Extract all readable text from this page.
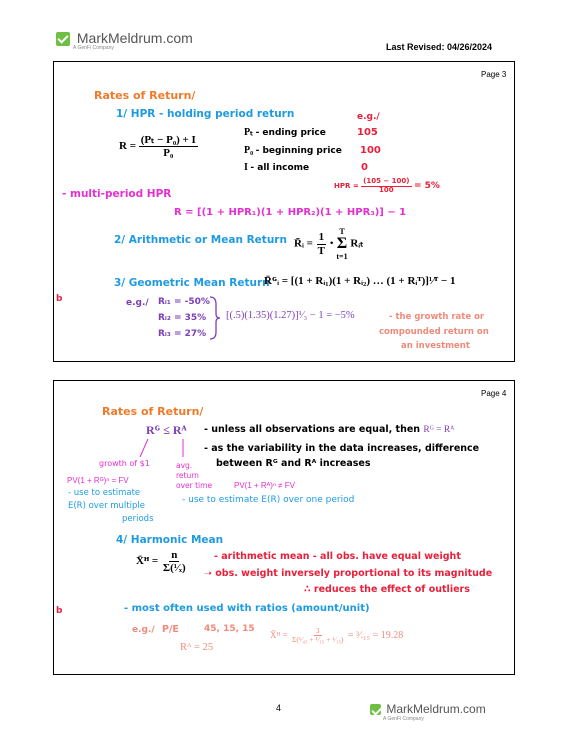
MarkMeldrum.com
A GenFi Company	Last Revised: 04/26/2024
Page 3
Rates of Return/
1/ HPR - holding period return
$R = \frac{\text{(Pₜ − P₀) + I}}{\text{P₀}}$
Pₜ - ending price
P₀ - beginning price
I - all income
e.g./
105
100
0
HPR = $\frac{(105 - 100)}{100} = 5\%$
- multi-period HPR
R = [(1 + HPR₁)(1 + HPR₂)(1 + HPR₃)] − 1
2/ Arithmetic or Mean Return R̄ᵢ = $\frac{1}{T}$ •
T
Σ
t=1
Rᵢₜ
3/ Geometric Mean Return
R̄ᴳᵢ = [(1 + Rᵢ₁)(1 + Rᵢ₂) … (1 + Rᵢᵀ)]¹⁄ᵀ − 1
b	e.g./ Rᵢ₁ = -50%
Rᵢ₂ = 35%
Rᵢ₃ = 27%
[(.5)(1.35)(1.27)]¹⁄₃ − 1 = −5%	- the growth rate or
compounded return on
an investment
Page 4
Rates of Return/
Rᴳ ≤ Rᴬ - unless all observations are equal, then Rᴳ = Rᴬ
- as the variability in the data increases, difference
between Rᴳ and Rᴬ increases
growth of $1	avg.
return
over time
PV(1 + Rᴳ)ⁿ = FV
PV(1 + Rᴬ)ⁿ ≠ FV
- use to estimate
E(R) over multiple
periods
- use to estimate E(R) over one period
4/ Harmonic Mean
X̄ᴴ = $\frac{n}{\text{Σ(¹⁄ₓ)}}$	- arithmetic mean - all obs. have equal weight
➝ obs. weight inversely proportional to its magnitude
∴ reduces the effect of outliers
b	- most often used with ratios (amount/unit)
e.g./ P/E	45, 15, 15
Rᴬ = 25
X̄ᴴ = $\frac{3}{\text{Σ(¹⁄₄₅ + ¹⁄₁₅ + ¹⁄₁₅)}}$ = ³⁄.₁₅ = 19.28
4	MarkMeldrum.com
A GenFi Company
